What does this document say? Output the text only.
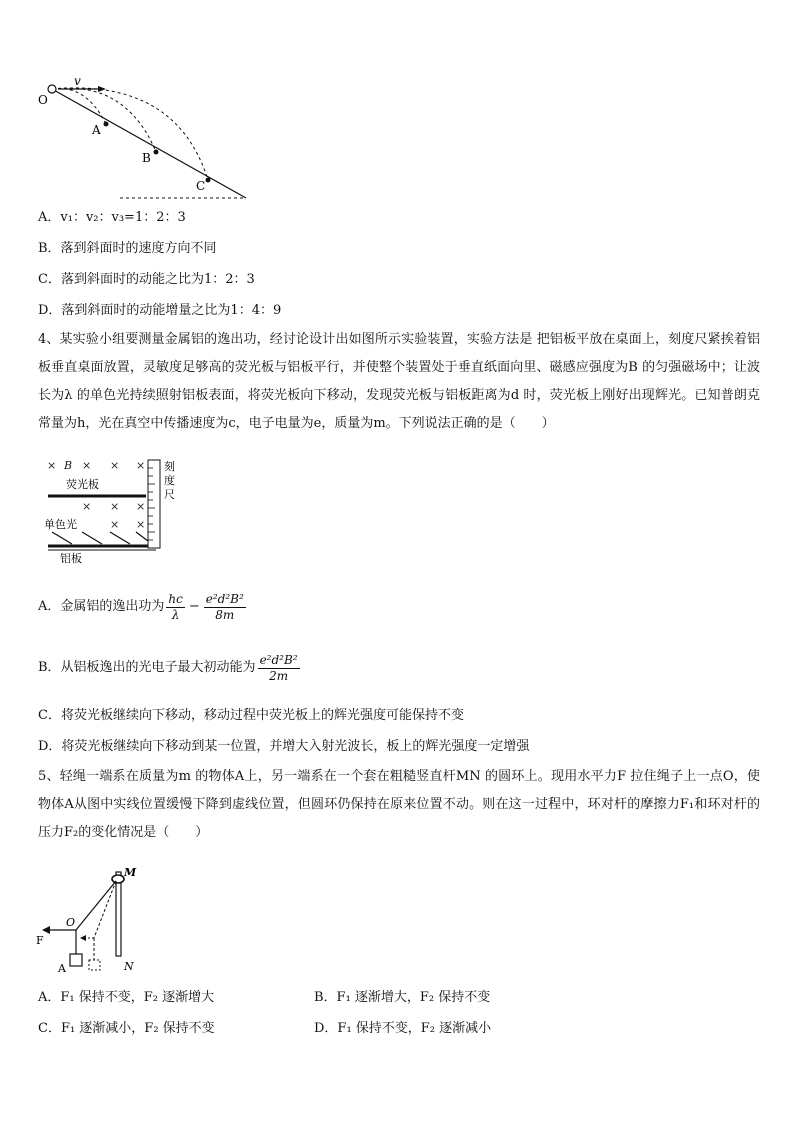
v
O
A
B
C
A．v₁：v₂：v₃=1：2：3
B．落到斜面时的速度方向不同
C．落到斜面时的动能之比为1：2：3
D．落到斜面时的动能增量之比为1：4：9
4、某实验小组要测量金属铝的逸出功，经讨论设计出如图所示实验装置，实验方法是 把铝板平放在桌面上，刻度尺紧挨着铝板垂直桌面放置，灵敏度足够高的荧光板与铝板平行，并使整个装置处于垂直纸面向里、磁感应强度为B 的匀强磁场中；让波长为λ 的单色光持续照射铝板表面，将荧光板向下移动，发现荧光板与铝板距离为d 时，荧光板上刚好出现辉光。已知普朗克常量为h，光在真空中传播速度为c，电子电量为e，质量为m。下列说法正确的是（　　）
× B × × ×
× × ×
× ×
荧光板
单色光
铝板
刻
度
尺
A．金属铝的逸出功为 $\frac{hc}{\lambda} - \frac{\text{e²d²B²}}{8m}$
B．从铝板逸出的光电子最大初动能为 $\frac{\text{e²d²B²}}{2m}$
C．将荧光板继续向下移动，移动过程中荧光板上的辉光强度可能保持不变
D．将荧光板继续向下移动到某一位置，并增大入射光波长，板上的辉光强度一定增强
5、轻绳一端系在质量为m 的物体A上，另一端系在一个套在粗糙竖直杆MN 的圆环上。现用水平力F 拉住绳子上一点O，使物体A从图中实线位置缓慢下降到虚线位置，但圆环仍保持在原来位置不动。则在这一过程中，环对杆的摩擦力F₁和环对杆的压力F₂的变化情况是（　　）
M
N
O
F
A
A．F₁ 保持不变，F₂ 逐渐增大	B．F₁ 逐渐增大，F₂ 保持不变
C．F₁ 逐渐减小，F₂ 保持不变	D．F₁ 保持不变，F₂ 逐渐减小
